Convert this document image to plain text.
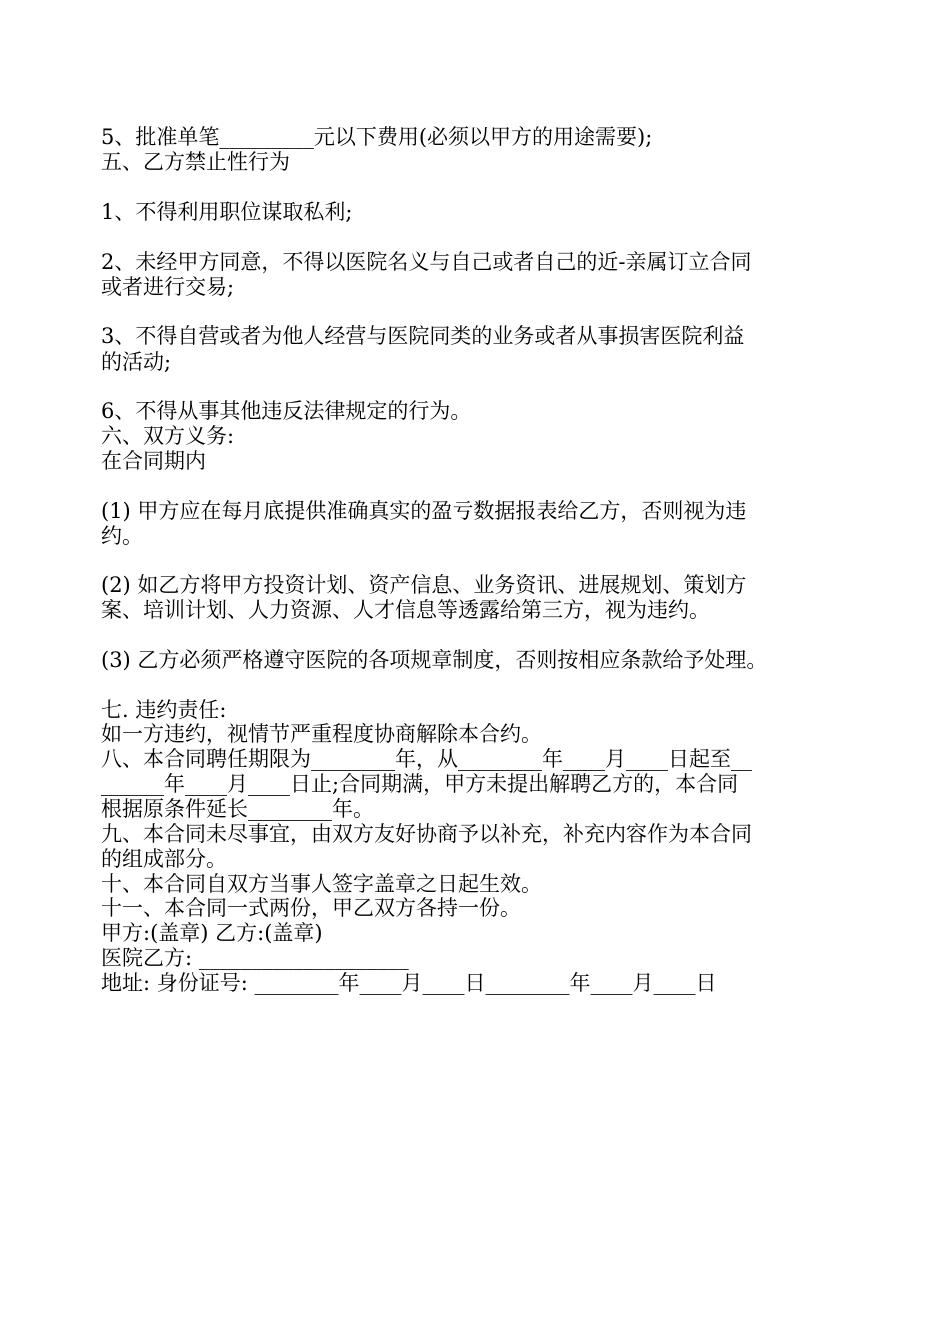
5、批准单笔_________元以下费用(必须以甲方的用途需要);

五、乙方禁止性行为

1、不得利用职位谋取私利;

2、未经甲方同意，不得以医院名义与自己或者自己的近-亲属订立合同

或者进行交易;

3、不得自营或者为他人经营与医院同类的业务或者从事损害医院利益

的活动;

6、不得从事其他违反法律规定的行为。

六、双方义务:

在合同期内

(1) 甲方应在每月底提供准确真实的盈亏数据报表给乙方，否则视为违

约。

(2) 如乙方将甲方投资计划、资产信息、业务资讯、进展规划、策划方

案、培训计划、人力资源、人才信息等透露给第三方，视为违约。

(3) 乙方必须严格遵守医院的各项规章制度，否则按相应条款给予处理。

七. 违约责任:

如一方违约，视情节严重程度协商解除本合约。

八、本合同聘任期限为________年，从________年____月____日起至__

______年____月____日止;合同期满，甲方未提出解聘乙方的，本合同

根据原条件延长________年。

九、本合同未尽事宜，由双方友好协商予以补充，补充内容作为本合同

的组成部分。

十、本合同自双方当事人签字盖章之日起生效。

十一、本合同一式两份，甲乙双方各持一份。

甲方:(盖章) 乙方:(盖章)

医院乙方: ____________________

地址: 身份证号: ________年____月____日________年____月____日
